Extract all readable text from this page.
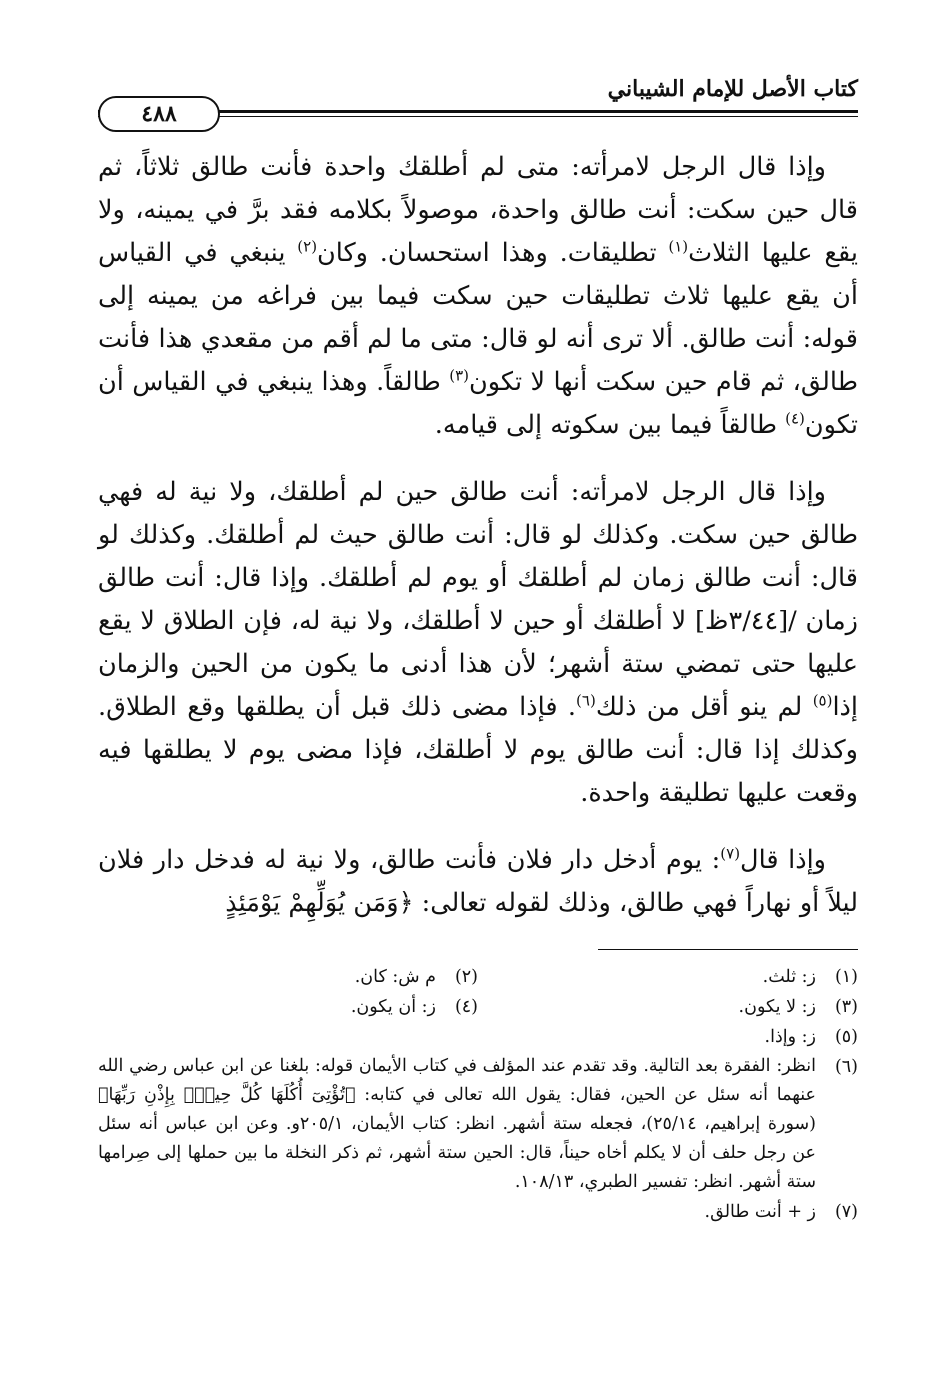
كتاب الأصل للإمام الشيباني
٤٨٨

وإذا قال الرجل لامرأته: متى لم أطلقك واحدة فأنت طالق ثلاثاً، ثم قال حين سكت: أنت طالق واحدة، موصولاً بكلامه فقد برَّ في يمينه، ولا يقع عليها الثلاث$^{(١)}$ تطليقات. وهذا استحسان. وكان$^{(٢)}$ ينبغي في القياس أن يقع عليها ثلاث تطليقات حين سكت فيما بين فراغه من يمينه إلى قوله: أنت طالق. ألا ترى أنه لو قال: متى ما لم أقم من مقعدي هذا فأنت طالق، ثم قام حين سكت أنها لا تكون$^{(٣)}$ طالقاً. وهذا ينبغي في القياس أن تكون$^{(٤)}$ طالقاً فيما بين سكوته إلى قيامه.

وإذا قال الرجل لامرأته: أنت طالق حين لم أطلقك، ولا نية له فهي طالق حين سكت. وكذلك لو قال: أنت طالق حيث لم أطلقك. وكذلك لو قال: أنت طالق زمان لم أطلقك أو يوم لم أطلقك. وإذا قال: أنت طالق زمان /[٣/٤٤ظ] لا أطلقك أو حين لا أطلقك، ولا نية له، فإن الطلاق لا يقع عليها حتى تمضي ستة أشهر؛ لأن هذا أدنى ما يكون من الحين والزمان إذا$^{(٥)}$ لم ينو أقل من ذلك$^{(٦)}$. فإذا مضى ذلك قبل أن يطلقها وقع الطلاق. وكذلك إذا قال: أنت طالق يوم لا أطلقك، فإذا مضى يوم لا يطلقها فيه وقعت عليها تطليقة واحدة.

وإذا قال$^{(٧)}$: يوم أدخل دار فلان فأنت طالق، ولا نية له فدخل دار فلان ليلاً أو نهاراً فهي طالق، وذلك لقوله تعالى: ﴿وَمَن يُوَلِّهِمْ يَوْمَئِذٍ

(١)
ز: ثلث.
(٢)
م ش: كان.
(٣)
ز: لا يكون.
(٤)
ز: أن يكون.
(٥)
ز: وإذا.
(٦)
انظر: الفقرة بعد التالية. وقد تقدم عند المؤلف في كتاب الأيمان قوله: بلغنا عن ابن عباس رضي الله عنهما أنه سئل عن الحين، فقال: يقول الله تعالى في كتابه: ﴿تُؤْتِىٓ أُكُلَهَا كُلَّ حِينٍۭ بِإِذْنِ رَبِّهَا﴾ (سورة إبراهيم، ٢٥/١٤)، فجعله ستة أشهر. انظر: كتاب الأيمان، ٢٠٥/١و. وعن ابن عباس أنه سئل عن رجل حلف أن لا يكلم أخاه حيناً، قال: الحين ستة أشهر، ثم ذكر النخلة ما بين حملها إلى صِرامها ستة أشهر. انظر: تفسير الطبري، ١٠٨/١٣.
(٧)
ز + أنت طالق.
